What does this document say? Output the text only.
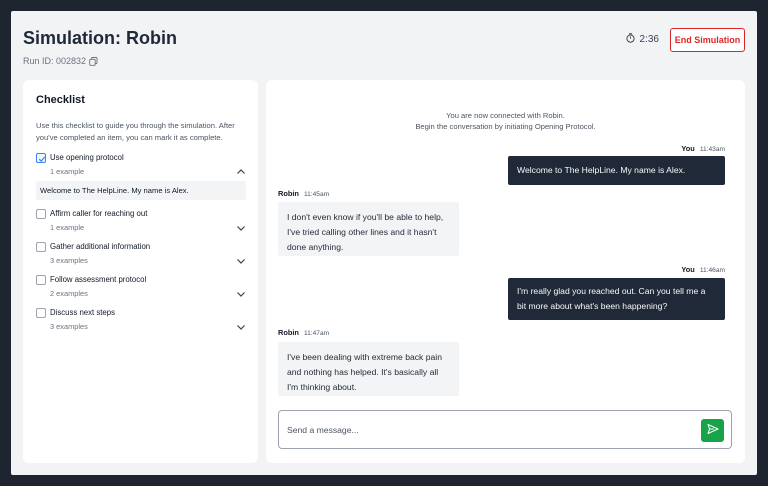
Simulation: Robin
Run ID: 002832
2:36	End Simulation
Checklist
Use this checklist to guide you through the simulation. After you've completed an item, you can mark it as complete.
Use opening protocol
1 example
Welcome to The HelpLine. My name is Alex.
Affirm caller for reaching out
1 example
Gather additional information
3 examples
Follow assessment protocol
2 examples
Discuss next steps
3 examples
You are now connected with Robin.
Begin the conversation by initiating Opening Protocol.
You 11:43am
Welcome to The HelpLine. My name is Alex.
Robin 11:45am
I don't even know if you'll be able to help, I've tried calling other lines and it hasn't done anything.
You 11:46am
I'm really glad you reached out. Can you tell me a bit more about what's been happening?
Robin 11:47am
I've been dealing with extreme back pain and nothing has helped. It's basically all I'm thinking about.
Send a message...
